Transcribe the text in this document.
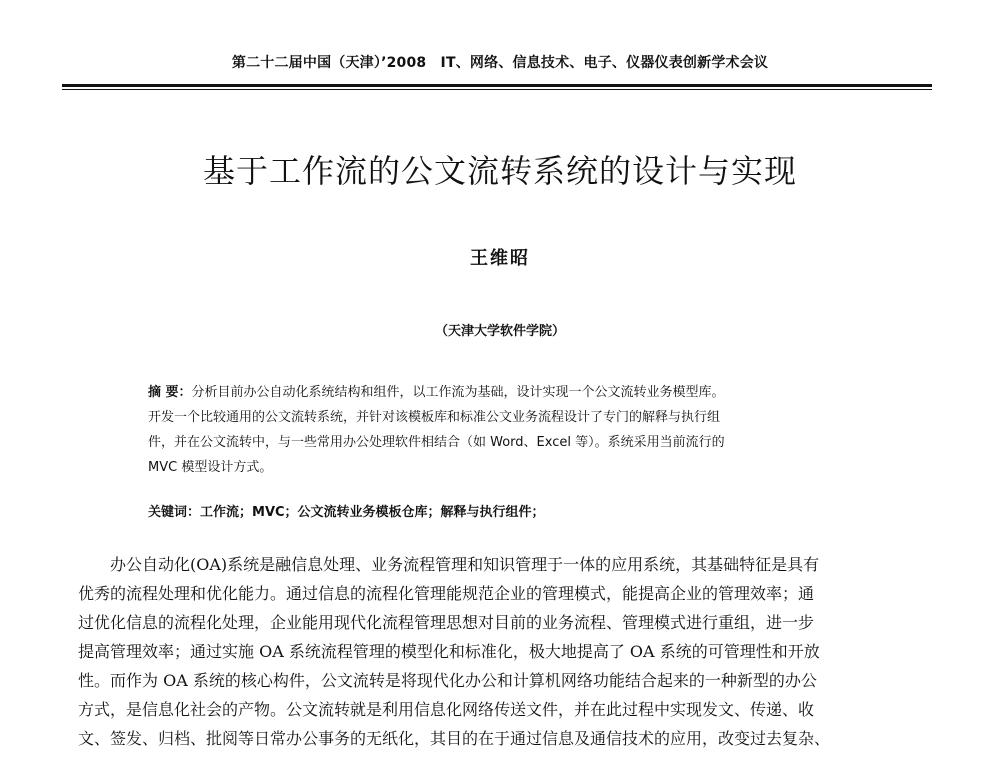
第二十二届中国（天津）’2008　IT、网络、信息技术、电子、仪器仪表创新学术会议
基于工作流的公文流转系统的设计与实现
王维昭
（天津大学软件学院）
摘 要：分析目前办公自动化系统结构和组件，以工作流为基础，设计实现一个公文流转业务模型库。
开发一个比较通用的公文流转系统，并针对该模板库和标准公文业务流程设计了专门的解释与执行组
件，并在公文流转中，与一些常用办公处理软件相结合（如 Word、Excel 等）。系统采用当前流行的
MVC 模型设计方式。
关键词：工作流；MVC；公文流转业务模板仓库；解释与执行组件；
办公自动化(OA)系统是融信息处理、业务流程管理和知识管理于一体的应用系统，其基础特征是具有
优秀的流程处理和优化能力。通过信息的流程化管理能规范企业的管理模式，能提高企业的管理效率；通
过优化信息的流程化处理，企业能用现代化流程管理思想对目前的业务流程、管理模式进行重组，进一步
提高管理效率；通过实施 OA 系统流程管理的模型化和标准化，极大地提高了 OA 系统的可管理性和开放
性。而作为 OA 系统的核心构件，公文流转是将现代化办公和计算机网络功能结合起来的一种新型的办公
方式，是信息化社会的产物。公文流转就是利用信息化网络传送文件，并在此过程中实现发文、传递、收
文、签发、归档、批阅等日常办公事务的无纸化，其目的在于通过信息及通信技术的应用，改变过去复杂、
